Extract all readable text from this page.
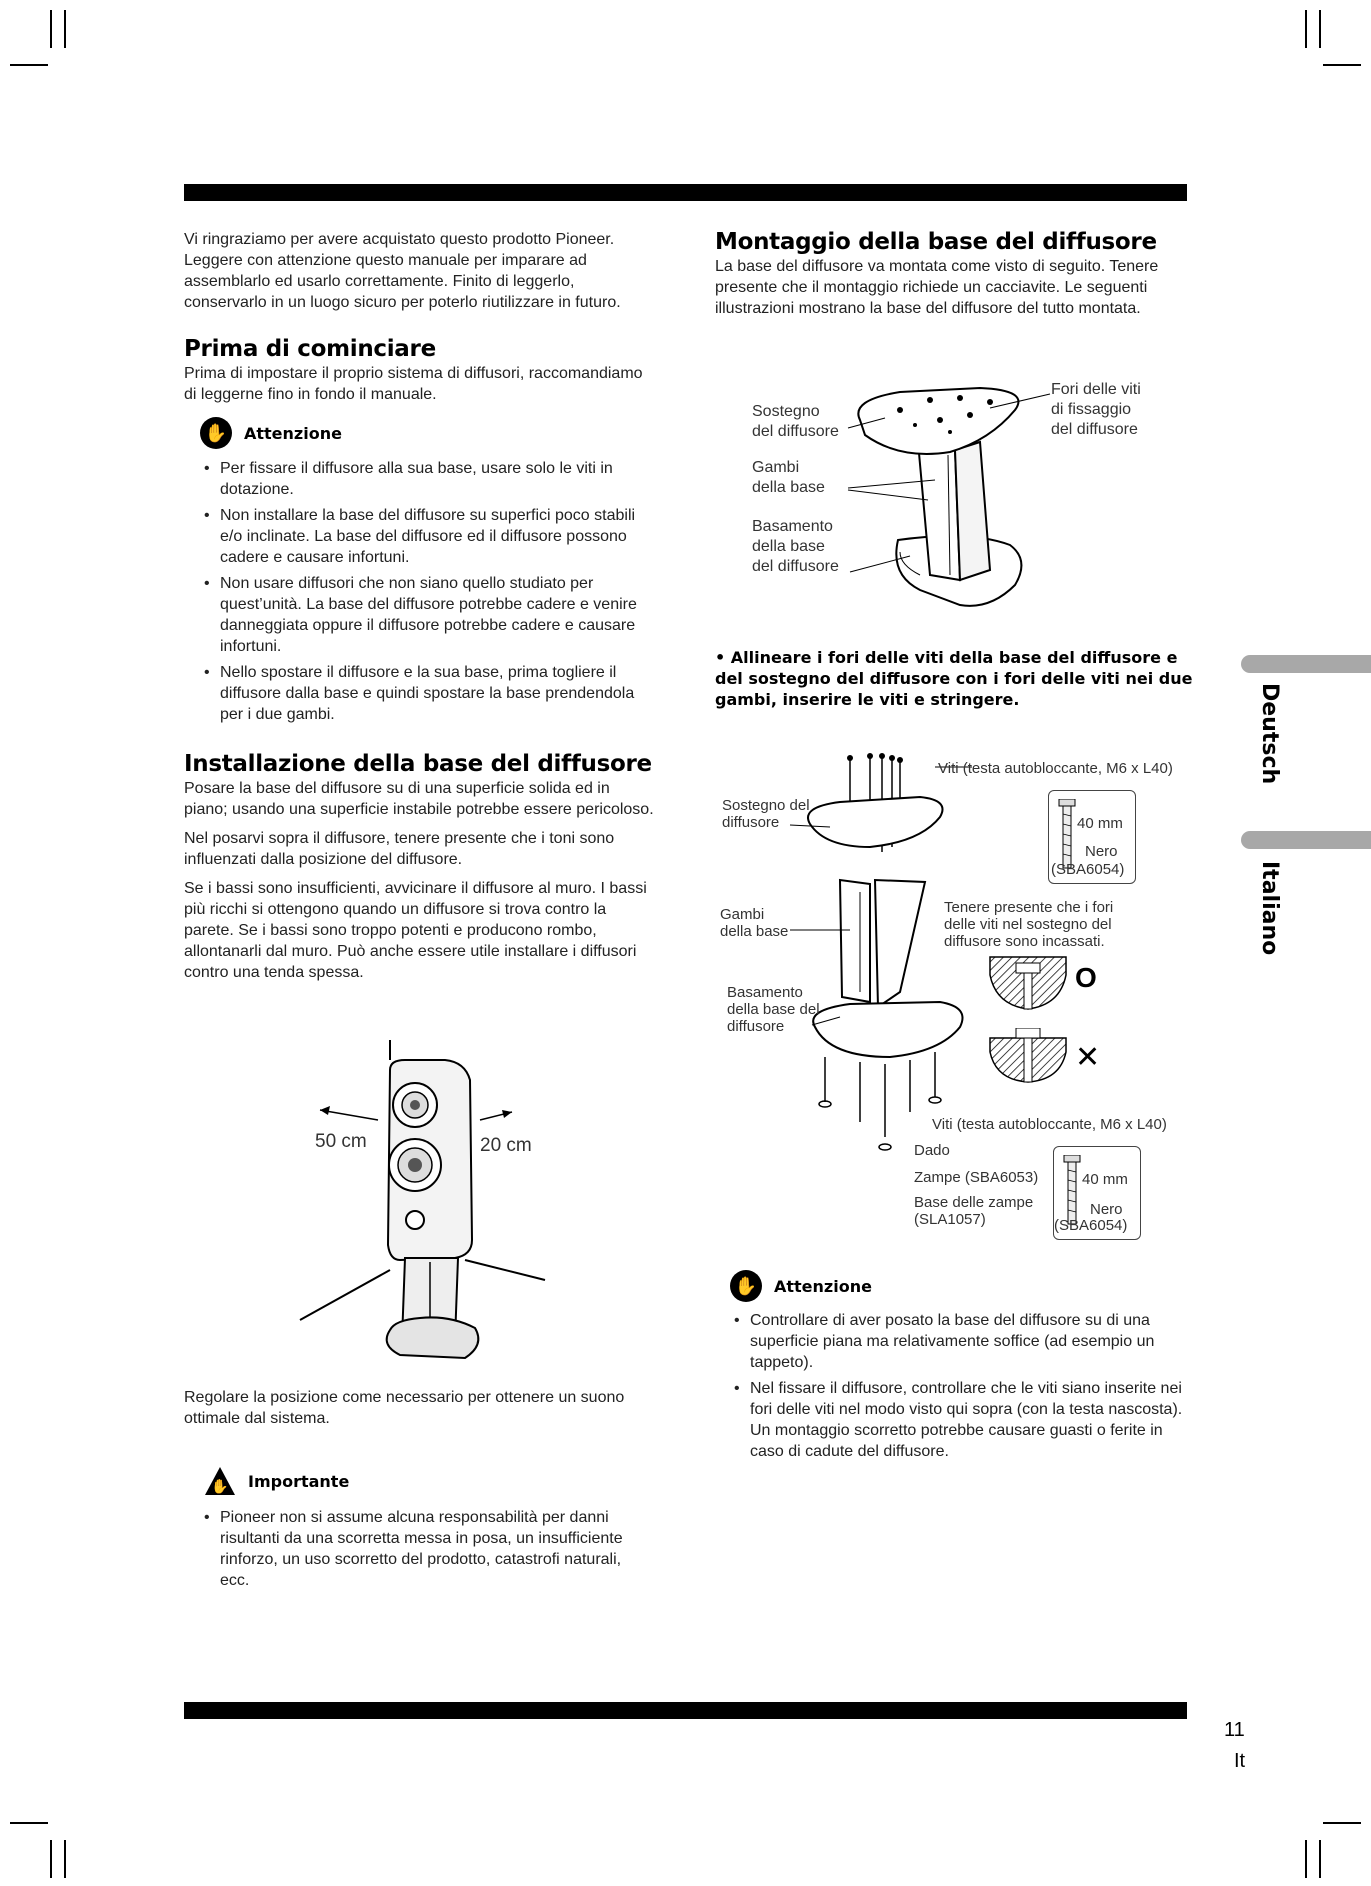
Vi ringraziamo per avere acquistato questo prodotto Pioneer. Leggere con attenzione questo manuale per imparare ad assemblarlo ed usarlo correttamente. Finito di leggerlo, conservarlo in un luogo sicuro per poterlo riutilizzare in futuro.

Prima di cominciare

Prima di impostare il proprio sistema di diffusori, raccomandiamo di leggerne fino in fondo il manuale.

✋ Attenzione
• Per fissare il diffusore alla sua base, usare solo le viti in dotazione.
• Non installare la base del diffusore su superfici poco stabili e/o inclinate. La base del diffusore ed il diffusore possono cadere e causare infortuni.
• Non usare diffusori che non siano quello studiato per quest’unità. La base del diffusore potrebbe cadere e venire danneggiata oppure il diffusore potrebbe cadere e causare infortuni.
• Nello spostare il diffusore e la sua base, prima togliere il diffusore dalla base e quindi spostare la base prendendola per i due gambi.
Installazione della base del diffusore

Posare la base del diffusore su di una superficie solida ed in piano; usando una superficie instabile potrebbe essere pericoloso.

Nel posarvi sopra il diffusore, tenere presente che i toni sono influenzati dalla posizione del diffusore.

Se i bassi sono insufficienti, avvicinare il diffusore al muro. I bassi più ricchi si ottengono quando un diffusore si trova contro la parete. Se i bassi sono troppo potenti e producono rombo, allontanarli dal muro. Può anche essere utile installare i diffusori contro una tenda spessa.

50 cm	20 cm

Regolare la posizione come necessario per ottenere un suono ottimale dal sistema.

✋ Importante
• Pioneer non si assume alcuna responsabilità per danni risultanti da una scorretta messa in posa, un insufficiente rinforzo, un uso scorretto del prodotto, catastrofi naturali, ecc.
Montaggio della base del diffusore

La base del diffusore va montata come visto di seguito. Tenere presente che il montaggio richiede un cacciavite. Le seguenti illustrazioni mostrano la base del diffusore del tutto montata.

Sostegno
del diffusore
Gambi
della base
Basamento
della base
del diffusore
Fori delle viti
di fissaggio
del diffusore
• Allineare i fori delle viti della base del diffusore e del sostegno del diffusore con i fori delle viti nei due gambi, inserire le viti e stringere.
Viti (testa autobloccante, M6 x L40)
Sostegno del
diffusore
Gambi
della base
Basamento
della base del
diffusore
40 mm
Nero
(SBA6054)
Tenere presente che i fori
delle viti nel sostegno del
diffusore sono incassati.
O
✕
Viti (testa autobloccante, M6 x L40)
Dado
Zampe (SBA6053)
Base delle zampe
(SLA1057)
40 mm
Nero
(SBA6054)
✋ Attenzione
• Controllare di aver posato la base del diffusore su di una superficie piana ma relativamente soffice (ad esempio un tappeto).
• Nel fissare il diffusore, controllare che le viti siano inserite nei fori delle viti nel modo visto qui sopra (con la testa nascosta). Un montaggio scorretto potrebbe causare guasti o ferite in caso di cadute del diffusore.
Deutsch
Italiano
11
It
